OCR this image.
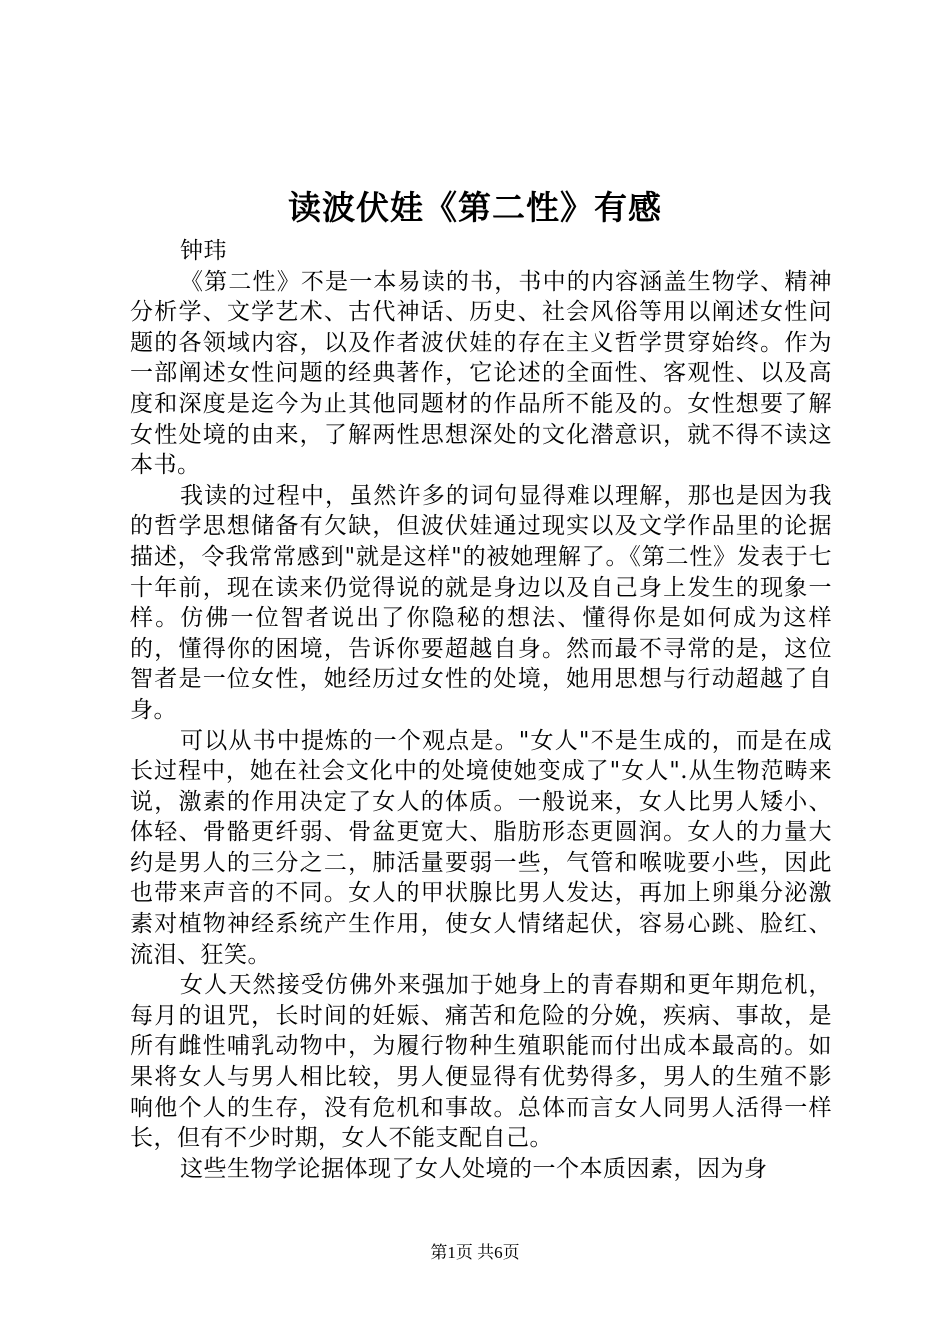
读波伏娃《第二性》有感

钟玮

《第二性》不是一本易读的书，书中的内容涵盖生物学、精神分析学、文学艺术、古代神话、历史、社会风俗等用以阐述女性问题的各领域内容，以及作者波伏娃的存在主义哲学贯穿始终。作为一部阐述女性问题的经典著作，它论述的全面性、客观性、以及高度和深度是迄今为止其他同题材的作品所不能及的。女性想要了解女性处境的由来，了解两性思想深处的文化潜意识，就不得不读这本书。

我读的过程中，虽然许多的词句显得难以理解，那也是因为我的哲学思想储备有欠缺，但波伏娃通过现实以及文学作品里的论据描述，令我常常感到"就是这样"的被她理解了。《第二性》发表于七十年前，现在读来仍觉得说的就是身边以及自己身上发生的现象一样。仿佛一位智者说出了你隐秘的想法、懂得你是如何成为这样的，懂得你的困境，告诉你要超越自身。然而最不寻常的是，这位智者是一位女性，她经历过女性的处境，她用思想与行动超越了自身。

可以从书中提炼的一个观点是。"女人"不是生成的，而是在成长过程中，她在社会文化中的处境使她变成了"女人".从生物范畴来说，激素的作用决定了女人的体质。一般说来，女人比男人矮小、体轻、骨骼更纤弱、骨盆更宽大、脂肪形态更圆润。女人的力量大约是男人的三分之二，肺活量要弱一些，气管和喉咙要小些，因此也带来声音的不同。女人的甲状腺比男人发达，再加上卵巢分泌激素对植物神经系统产生作用，使女人情绪起伏，容易心跳、脸红、流泪、狂笑。

女人天然接受仿佛外来强加于她身上的青春期和更年期危机，每月的诅咒，长时间的妊娠、痛苦和危险的分娩，疾病、事故，是所有雌性哺乳动物中，为履行物种生殖职能而付出成本最高的。如果将女人与男人相比较，男人便显得有优势得多，男人的生殖不影响他个人的生存，没有危机和事故。总体而言女人同男人活得一样长，但有不少时期，女人不能支配自己。

这些生物学论据体现了女人处境的一个本质因素，因为身

第1页 共6页
